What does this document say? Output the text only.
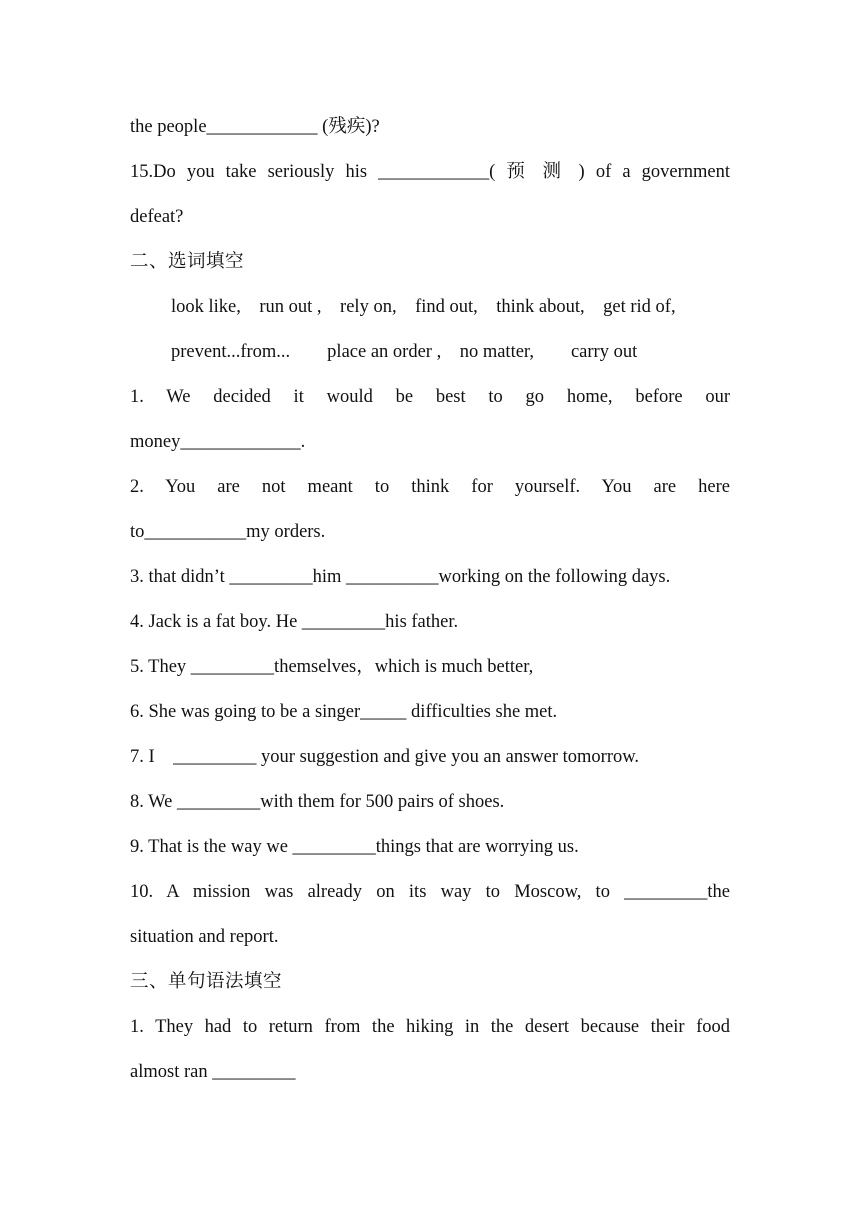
the people____________ (残疾)?
15.Do you take seriously his ____________( 预 测 ) of a government
defeat?
二、选词填空
look like,    run out ,    rely on,    find out,    think about,    get rid of,
prevent...from...        place an order ,    no matter,        carry out
1. We decided it would be best to go home, before our
money_____________.
2. You are not meant to think for yourself. You are here
to___________my orders.
3. that didn’t _________him __________working on the following days.
4. Jack is a fat boy. He _________his father.
5. They _________themselves，which is much better,
6. She was going to be a singer_____ difficulties she met.
7. I    _________ your suggestion and give you an answer tomorrow.
8. We _________with them for 500 pairs of shoes.
9. That is the way we _________things that are worrying us.
10. A mission was already on its way to Moscow, to _________the
situation and report.
三、单句语法填空
1. They had to return from the hiking in the desert because their food
almost ran _________
